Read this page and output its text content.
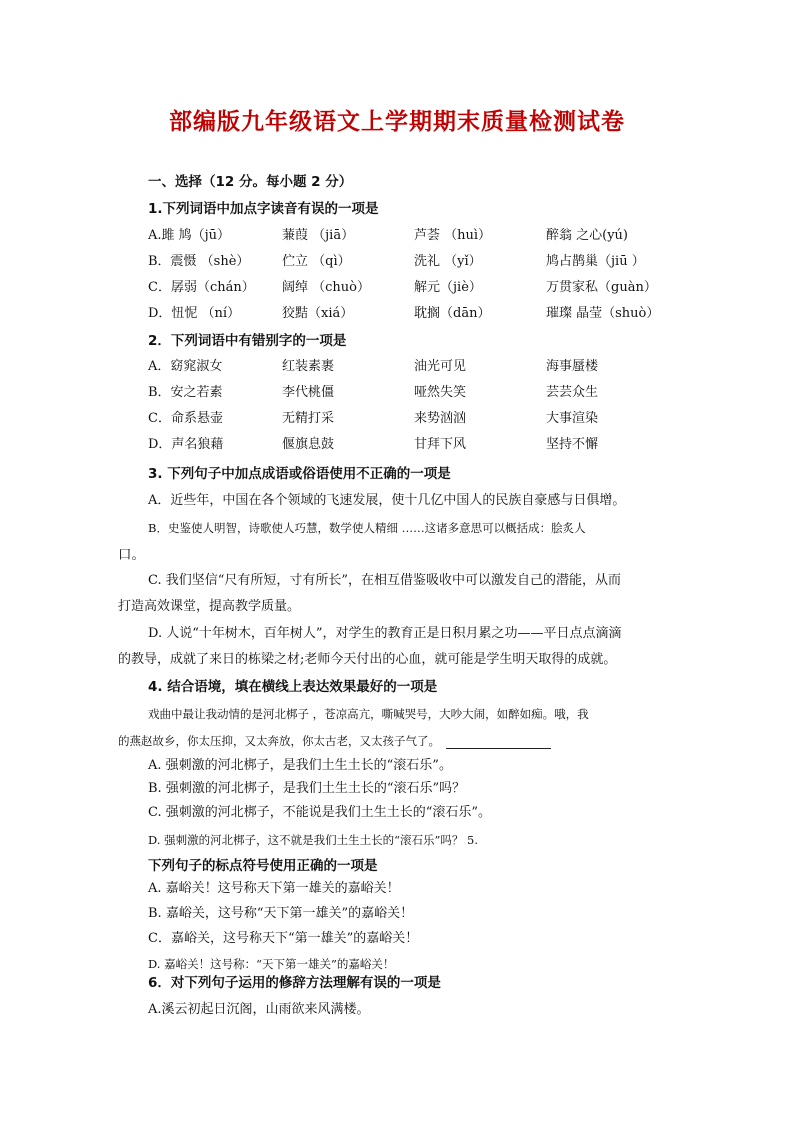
部编版九年级语文上学期期末质量检测试卷
一、选择（12 分。每小题 2 分）
1.下列词语中加点字读音有误的一项是
A.雎 鸠（jū）	蒹葭 （jiā）	芦荟 （huì）	醉翁 之心(yú)
B．震慑 （shè）	伫立 （qì）	洗礼 （yǐ）	鸠占鹊巢（jiū ）
C．孱弱（chán） 阔绰 （chuò）	解元（jiè）	万贯家私（guàn）
D．忸怩 （ní）	狡黠（xiá）	耽搁（dān）	璀璨 晶莹（shuò）
2．下列词语中有错别字的一项是
A．窈窕淑女	红装素裹	油光可见	海事蜃楼
B．安之若素	李代桃僵	哑然失笑	芸芸众生
C．命系悬壶	无精打采	来势汹汹	大事渲染
D．声名狼藉	偃旗息鼓	甘拜下风	坚持不懈
3. 下列句子中加点成语或俗语使用不正确的一项是
A．近些年，中国在各个领域的飞速发展，使十几亿中国人的民族自豪感与日俱增。
B．史鉴使人明智，诗歌使人巧慧，数学使人精细 ……这诸多意思可以概括成：脍炙人
口。
C. 我们坚信“尺有所短，寸有所长”，在相互借鉴吸收中可以激发自己的潜能，从而
打造高效课堂，提高教学质量。
D. 人说“十年树木，百年树人”，对学生的教育正是日积月累之功——平日点点滴滴
的教导，成就了来日的栋梁之材;老师今天付出的心血，就可能是学生明天取得的成就。
4. 结合语境，填在横线上表达效果最好的一项是
戏曲中最让我动情的是河北梆子 ，苍凉高亢，嘶喊哭号，大吵大闹，如醉如痴。哦，我
的燕赵故乡，你太压抑，又太奔放，你太古老，又太孩子气了。
A. 强刺激的河北梆子，是我们土生土长的“滚石乐”。
B. 强刺激的河北梆子，是我们土生土长的“滚石乐”吗？
C. 强刺激的河北梆子，不能说是我们土生土长的“滚石乐”。
D. 强刺激的河北梆子，这不就是我们土生土长的“滚石乐”吗？ 5.
下列句子的标点符号使用正确的一项是
A. 嘉峪关！这号称天下第一雄关的嘉峪关！
B. 嘉峪关，这号称“天下第一雄关”的嘉峪关！
C．嘉峪关，这号称天下“第一雄关”的嘉峪关！
D. 嘉峪关！这号称：“天下第一雄关”的嘉峪关！
6．对下列句子运用的修辞方法理解有误的一项是
A.溪云初起日沉阁，山雨欲来风满楼。
